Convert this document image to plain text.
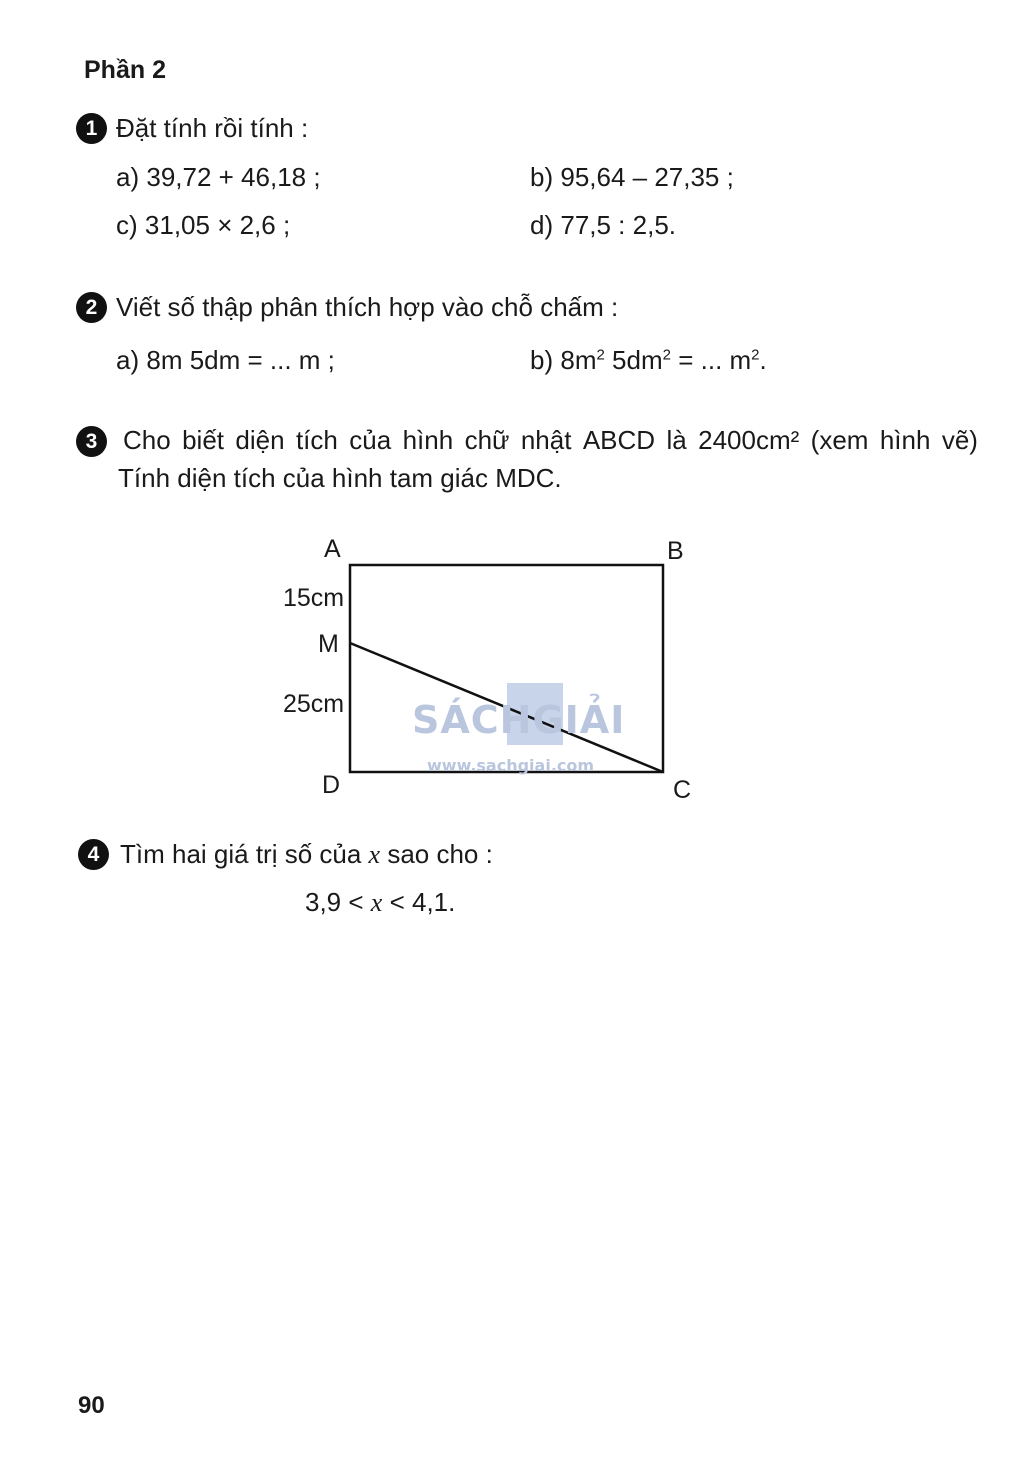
Phần 2
1 Đặt tính rồi tính :
a) 39,72 + 46,18 ;	b) 95,64 – 27,35 ;
c) 31,05 × 2,6 ;	d) 77,5 : 2,5.
2 Viết số thập phân thích hợp vào chỗ chấm :
a) 8m 5dm = ... m ;	b) $8m^2$ $5dm^2$ = ... $m^2$.
3 Cho biết diện tích của hình chữ nhật ABCD là 2400cm² (xem hình vẽ)
Tính diện tích của hình tam giác MDC.
SÁCHGIẢI
www.sachgiai.com
A	B
M
D	C
15cm
25cm
4 Tìm hai giá trị số của x sao cho :
3,9 < x < 4,1.
90
